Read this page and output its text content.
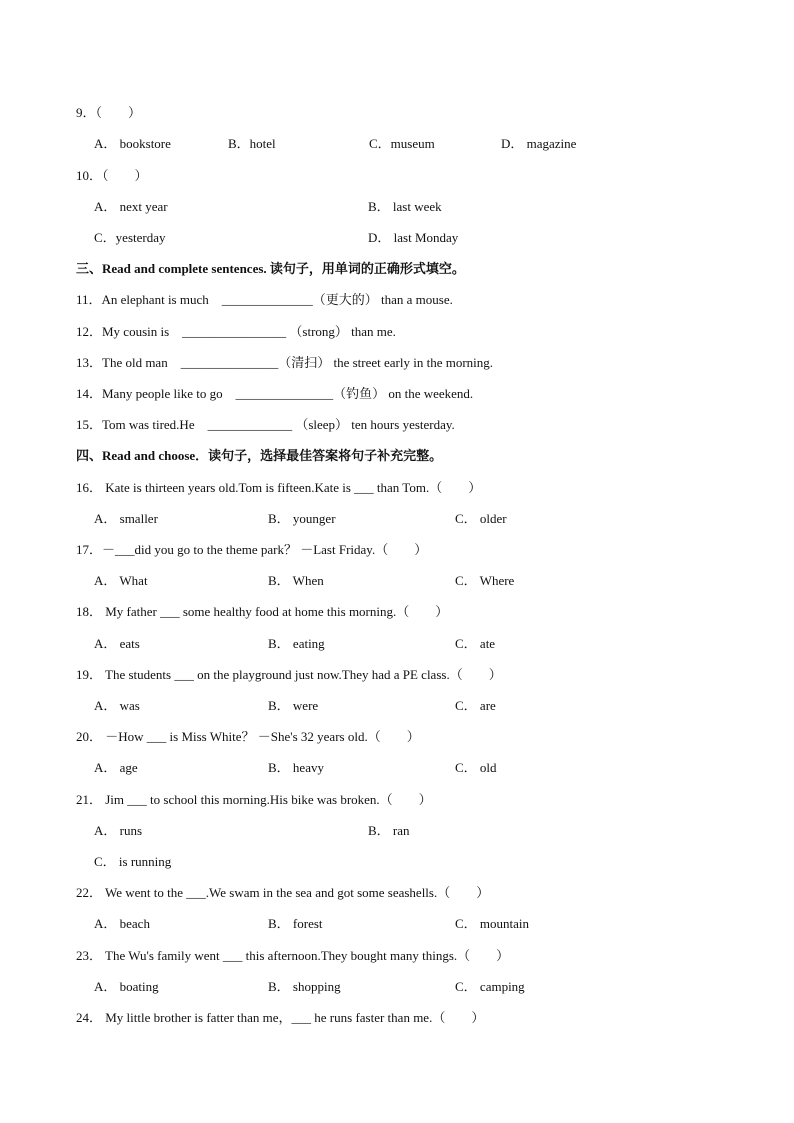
9．（　　）
A． bookstore	B．hotel	C．museum	D． magazine
10．（　　）
A． next year	B． last week
C．yesterday	D． last Monday
三、Read and complete sentences. 读句子，用单词的正确形式填空。
11．An elephant is much　______________（更大的） than a mouse.
12．My cousin is　________________ （strong） than me.
13．The old man　_______________（清扫） the street early in the morning.
14．Many people like to go　_______________（钓鱼） on the weekend.
15．Tom was tired.He　_____________ （sleep） ten hours yesterday.
四、Read and choose．读句子，选择最佳答案将句子补充完整。
16． Kate is thirteen years old.Tom is fifteen.Kate is ___ than Tom.（　　）
A． smaller	B． younger	C． older
17．－___did you go to the theme park？ －Last Friday.（　　）
A． What	B． When	C． Where
18． My father ___ some healthy food at home this morning.（　　）
A． eats	B． eating	C． ate
19． The students ___ on the playground just now.They had a PE class.（　　）
A． was	B． were	C． are
20． －How ___ is Miss White？ －She's 32 years old.（　　）
A． age	B． heavy	C． old
21． Jim ___ to school this morning.His bike was broken.（　　）
A． runs	B． ran
C． is running
22． We went to the ___.We swam in the sea and got some seashells.（　　）
A． beach	B． forest	C． mountain
23． The Wu's family went ___ this afternoon.They bought many things.（　　）
A． boating	B． shopping	C． camping
24． My little brother is fatter than me，___ he runs faster than me.（　　）
